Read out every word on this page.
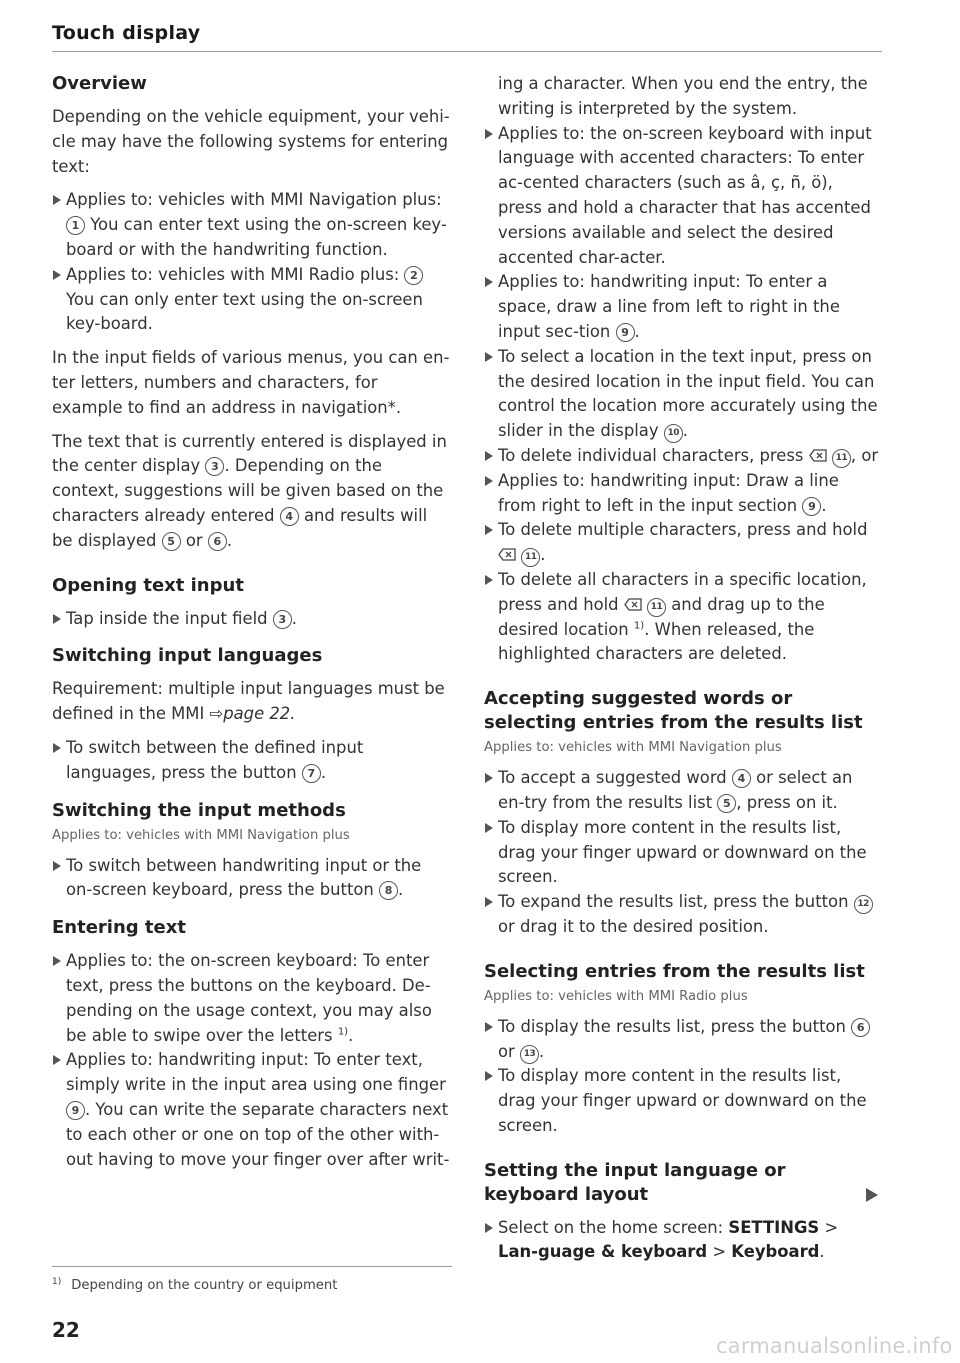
Touch display
Overview

Depending on the vehicle equipment, your vehi-cle may have the following systems for entering text:

Applies to: vehicles with MMI Navigation plus: 1 You can enter text using the on-screen key-board or with the handwriting function.

Applies to: vehicles with MMI Radio plus: 2 You can only enter text using the on-screen key-board.

In the input fields of various menus, you can en-ter letters, numbers and characters, for example to find an address in navigation*.

The text that is currently entered is displayed in the center display 3 . Depending on the context, suggestions will be given based on the characters already entered 4 and results will be displayed 5 or 6 .

Opening text input

Tap inside the input field 3 .

Switching input languages

Requirement: multiple input languages must be defined in the MMI ⇨page 22.

To switch between the defined input languages, press the button 7 .

Switching the input methods
Applies to: vehicles with MMI Navigation plus

To switch between handwriting input or the on-screen keyboard, press the button 8 .

Entering text

Applies to: the on-screen keyboard: To enter text, press the buttons on the keyboard. De-pending on the usage context, you may also be able to swipe over the letters $^{1)}$.

Applies to: handwriting input: To enter text, simply write in the input area using one finger 9 . You can write the separate characters next to each other or one on top of the other with-out having to move your finger over after writ-

ing a character. When you end the entry, the writing is interpreted by the system.

Applies to: the on-screen keyboard with input language with accented characters: To enter ac-cented characters (such as â, ç, ñ, ö), press and hold a character that has accented versions available and select the desired accented char-acter.

Applies to: handwriting input: To enter a space, draw a line from left to right in the input sec-tion 9 .

To select a location in the text input, press on the desired location in the input field. You can control the location more accurately using the slider in the display 10 .

To delete individual characters, press	11 , or

Applies to: handwriting input: Draw a line from right to left in the input section 9 .

To delete multiple characters, press and hold
11 .

To delete all characters in a specific location, press and hold	11 and drag up to the desired location $^{1)}$. When released, the highlighted characters are deleted.

Accepting suggested words or selecting entries from the results list
Applies to: vehicles with MMI Navigation plus

To accept a suggested word 4 or select an en-try from the results list 5 , press on it.

To display more content in the results list, drag your finger upward or downward on the screen.

To expand the results list, press the button 12 or drag it to the desired position.

Selecting entries from the results list
Applies to: vehicles with MMI Radio plus

To display the results list, press the button 6
or 13 .

To display more content in the results list, drag your finger upward or downward on the screen.

Setting the input language or keyboard layout

Select on the home screen: SETTINGS > Lan-guage & keyboard > Keyboard.

$^{1)}$ Depending on the country or equipment
22
carmanualsonline.info
